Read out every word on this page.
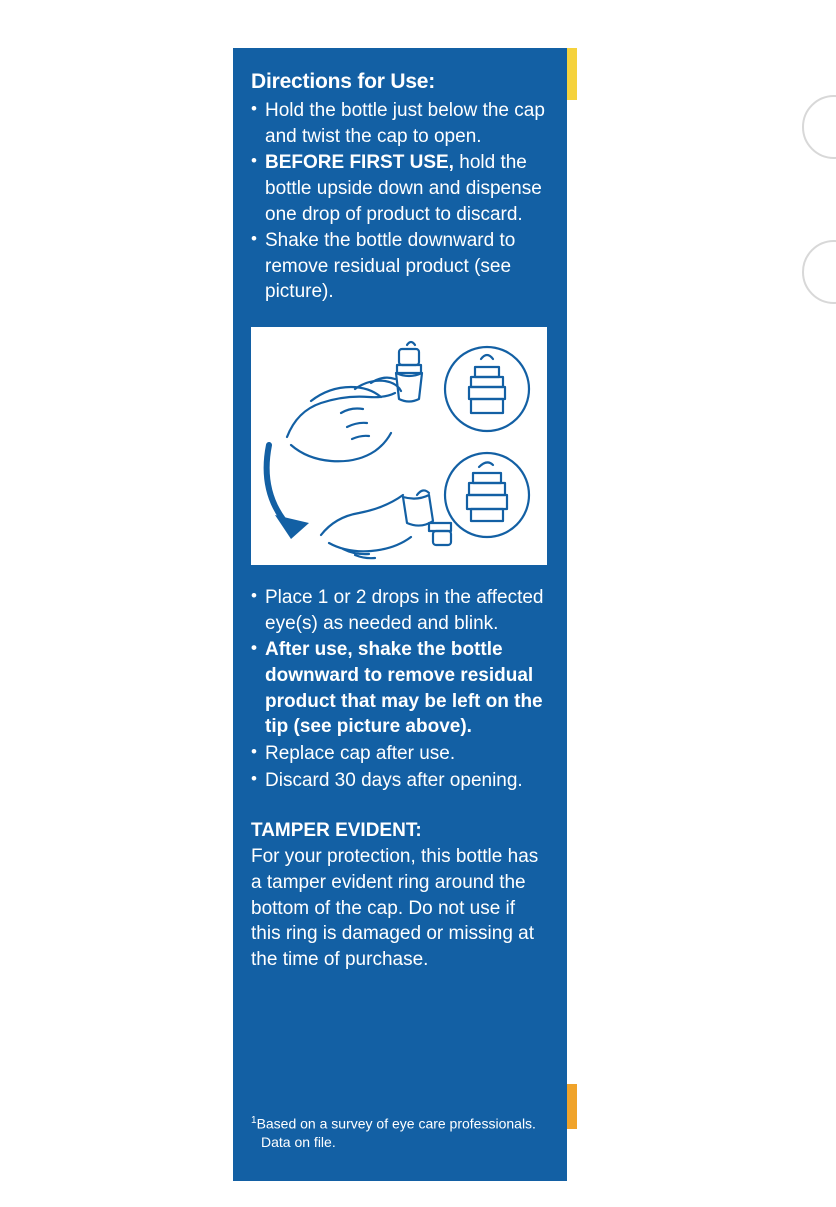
Directions for Use:
• Hold the bottle just below the cap and twist the cap to open.
• BEFORE FIRST USE, hold the bottle upside down and dispense one drop of product to discard.
• Shake the bottle downward to remove residual product (see picture).
• Place 1 or 2 drops in the affected eye(s) as needed and blink.
• After use, shake the bottle downward to remove residual product that may be left on the tip (see picture above).
• Replace cap after use.
• Discard 30 days after opening.
TAMPER EVIDENT:

For your protection, this bottle has a tamper evident ring around the bottom of the cap. Do not use if this ring is damaged or missing at the time of purchase.

$^1$Based on a survey of eye care professionals.
Data on file.
